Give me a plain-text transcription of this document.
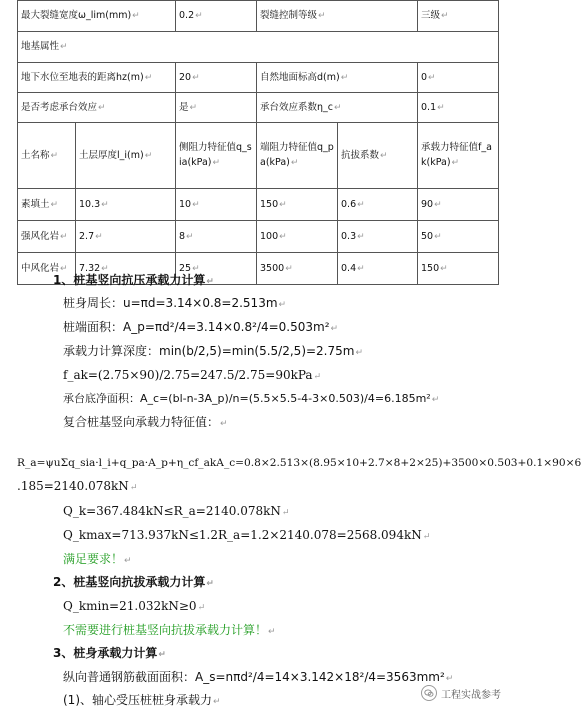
最大裂缝宽度ω_lim(mm)↵		0.2↵	裂缝控制等级↵		三级↵
地基属性↵					
地下水位至地表的距离hz(m)↵		20↵	自然地面标高d(m)↵		0↵
是否考虑承台效应↵		是↵	承台效应系数η_c↵		0.1↵
土名称↵	土层厚度l_i(m)↵	侧阻力特征值q_sia(kPa)↵	端阻力特征值q_pa(kPa)↵	抗拔系数↵	承载力特征值f_ak(kPa)↵
素填土↵	10.3↵	10↵	150↵	0.6↵	90↵
强风化岩↵	2.7↵	8↵	100↵	0.3↵	50↵
中风化岩↵	7.32↵	25↵	3500↵	0.4↵	150↵
1、桩基竖向抗压承载力计算↵
桩身周长：u=πd=3.14×0.8=2.513m↵
桩端面积：A_p=πd²/4=3.14×0.8²/4=0.503m²↵
承载力计算深度：min(b/2,5)=min(5.5/2,5)=2.75m↵
f_ak=(2.75×90)/2.75=247.5/2.75=90kPa↵
承台底净面积：A_c=(bl-n-3A_p)/n=(5.5×5.5-4-3×0.503)/4=6.185m²↵
复合桩基竖向承载力特征值：↵
R_a=ψuΣq_sia·l_i+q_pa·A_p+η_cf_akA_c=0.8×2.513×(8.95×10+2.7×8+2×25)+3500×0.503+0.1×90×6
.185=2140.078kN↵
Q_k=367.484kN≤R_a=2140.078kN↵
Q_kmax=713.937kN≤1.2R_a=1.2×2140.078=2568.094kN↵
满足要求！↵
2、桩基竖向抗拔承载力计算↵
Q_kmin=21.032kN≥0↵
不需要进行桩基竖向抗拔承载力计算！↵
3、桩身承载力计算↵
纵向普通钢筋截面面积：A_s=nπd²/4=14×3.142×18²/4=3563mm²↵
(1)、轴心受压桩桩身承载力↵
工程实战参考
